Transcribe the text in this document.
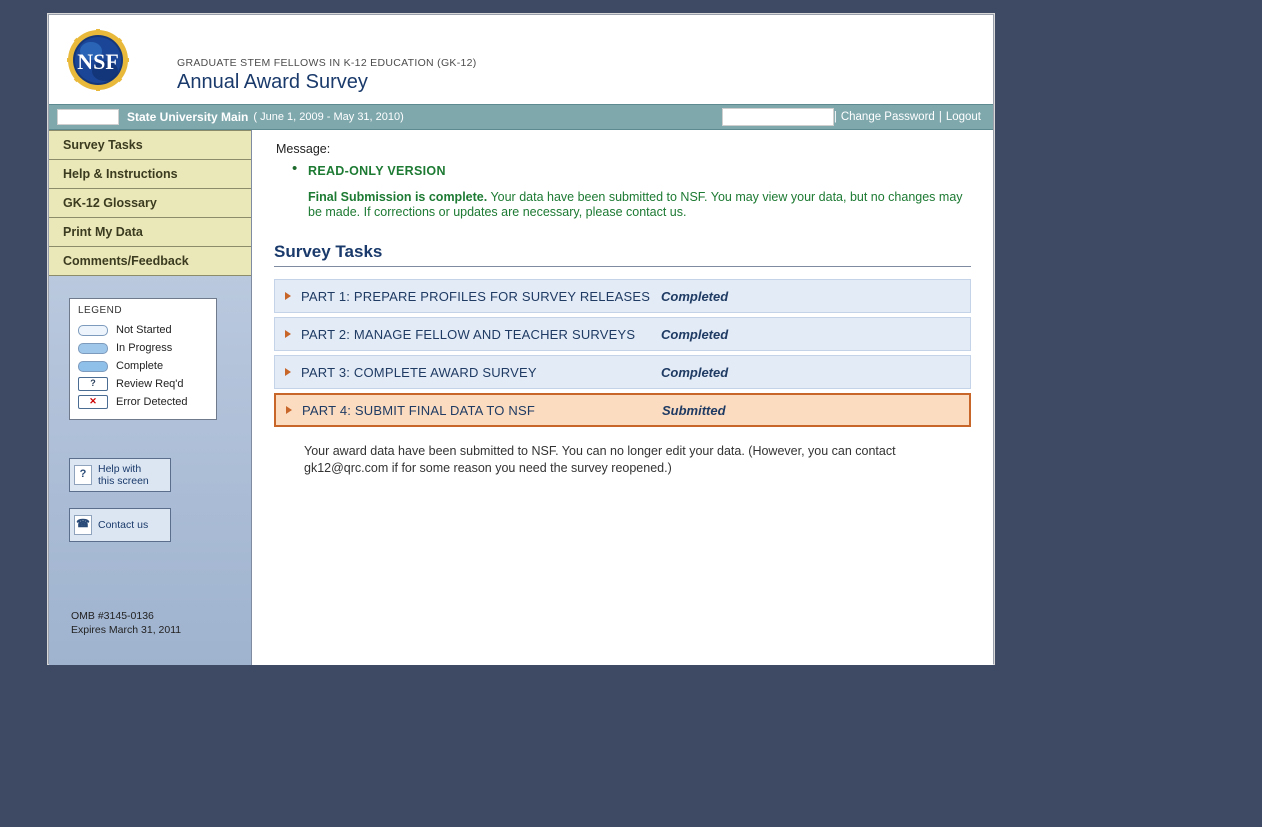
NSF	GRADUATE STEM FELLOWS IN K-12 EDUCATION (GK-12)
Annual Award Survey
State University Main ( June 1, 2009 - May 31, 2010)	| Change Password | Logout
Survey Tasks
Help & Instructions
GK-12 Glossary
Print My Data
Comments/Feedback
LEGEND
Not Started
In Progress
Complete
?	Review Req'd
✕	Error Detected
?	Help with
this screen
☎ Contact us
OMB #3145-0136
Expires March 31, 2011
Message:
• READ-ONLY VERSION
Final Submission is complete. Your data have been submitted to NSF. You may view your data, but no changes may be made. If corrections or updates are necessary, please contact us.
Survey Tasks
PART 1: PREPARE PROFILES FOR SURVEY RELEASES Completed
PART 2: MANAGE FELLOW AND TEACHER SURVEYS	Completed
PART 3: COMPLETE AWARD SURVEY	Completed
PART 4: SUBMIT FINAL DATA TO NSF	Submitted
Your award data have been submitted to NSF. You can no longer edit your data. (However, you can contact gk12@qrc.com if for some reason you need the survey reopened.)
